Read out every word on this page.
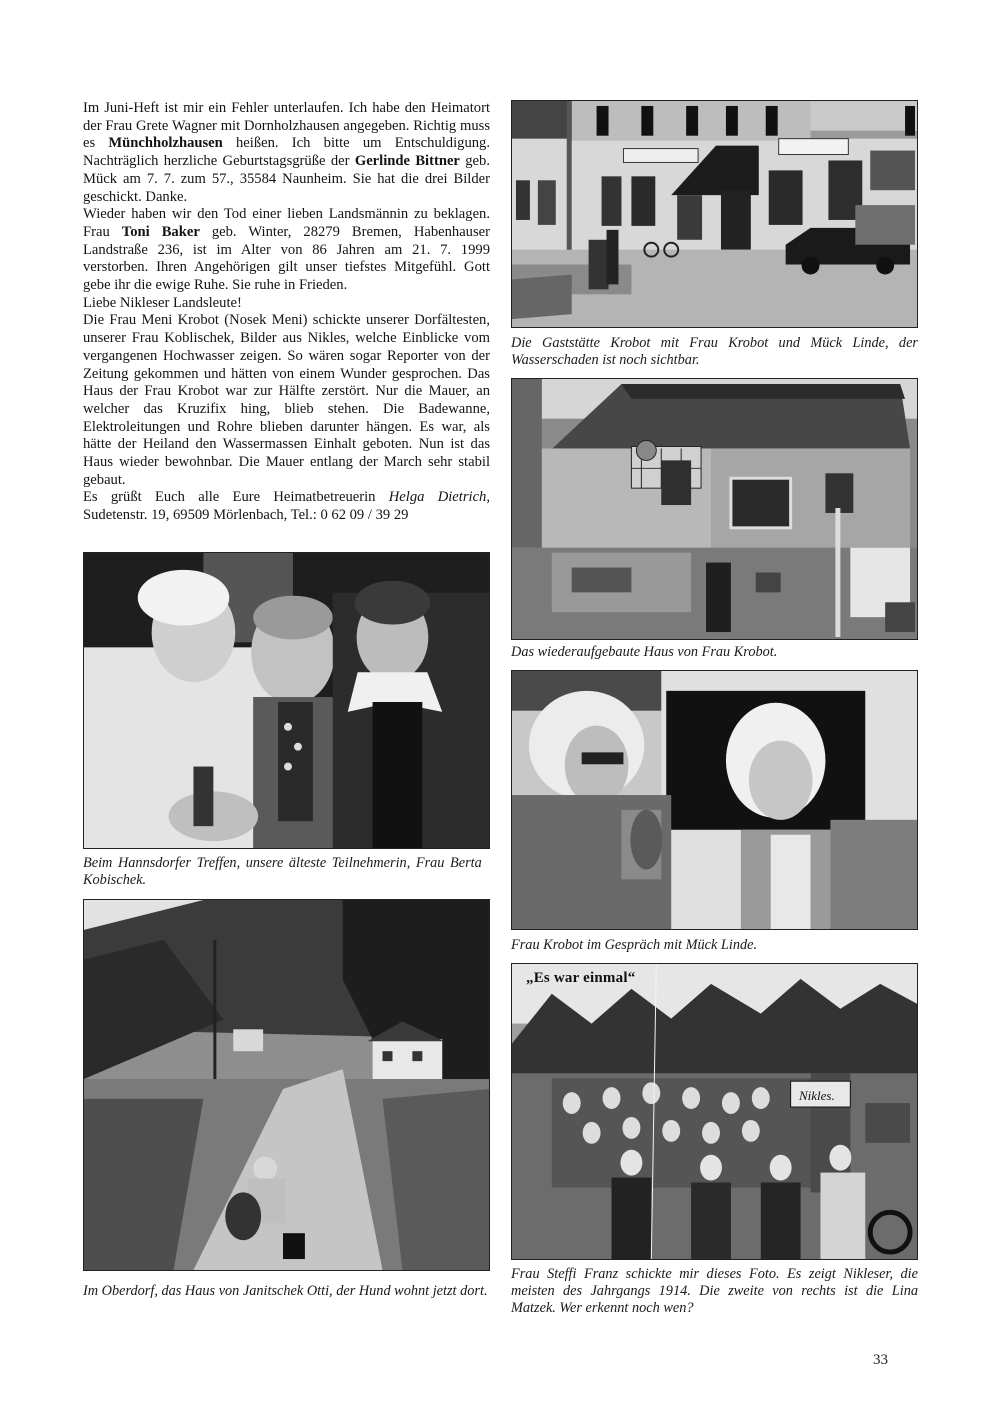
Im Juni-Heft ist mir ein Fehler unterlaufen. Ich habe den Heimatort der Frau Grete Wagner mit Dornholzhausen angegeben. Richtig muss es Münchholzhausen heißen. Ich bitte um Entschuldigung. Nachträglich herzliche Geburtstagsgrüße der Gerlinde Bittner geb. Mück am 7. 7. zum 57., 35584 Naunheim. Sie hat die drei Bilder geschickt. Danke.

Wieder haben wir den Tod einer lieben Landsmännin zu beklagen. Frau Toni Baker geb. Winter, 28279 Bremen, Habenhauser Landstraße 236, ist im Alter von 86 Jahren am 21. 7. 1999 verstorben. Ihren Angehörigen gilt unser tiefstes Mitgefühl. Gott gebe ihr die ewige Ruhe. Sie ruhe in Frieden.

Liebe Nikleser Landsleute!

Die Frau Meni Krobot (Nosek Meni) schickte unserer Dorfältesten, unserer Frau Koblischek, Bilder aus Nikles, welche Einblicke vom vergangenen Hochwasser zeigen. So wären sogar Reporter von der Zeitung gekommen und hätten von einem Wunder gesprochen. Das Haus der Frau Krobot war zur Hälfte zerstört. Nur die Mauer, an welcher das Kruzifix hing, blieb stehen. Die Badewanne, Elektroleitungen und Rohre blieben darunter hängen. Es war, als hätte der Heiland den Wassermassen Einhalt geboten. Nun ist das Haus wieder bewohnbar. Die Mauer entlang der March sehr stabil gebaut.

Es grüßt Euch alle Eure Heimatbetreuerin Helga Dietrich, Sudetenstr. 19, 69509 Mörlenbach, Tel.: 0 62 09 / 39 29

Die Gaststätte Krobot mit Frau Krobot und Mück Linde, der Wasserschaden ist noch sichtbar.
Das wiederaufgebaute Haus von Frau Krobot.
Beim Hannsdorfer Treffen, unsere älteste Teilnehmerin, Frau Berta Kobischek.
Frau Krobot im Gespräch mit Mück Linde.
Im Oberdorf, das Haus von Janitschek Otti, der Hund wohnt jetzt dort.
„Es war einmal“
Nikles.
Frau Steffi Franz schickte mir dieses Foto. Es zeigt Nikleser, die meisten des Jahrgangs 1914. Die zweite von rechts ist die Lina Matzek. Wer erkennt noch wen?
33
